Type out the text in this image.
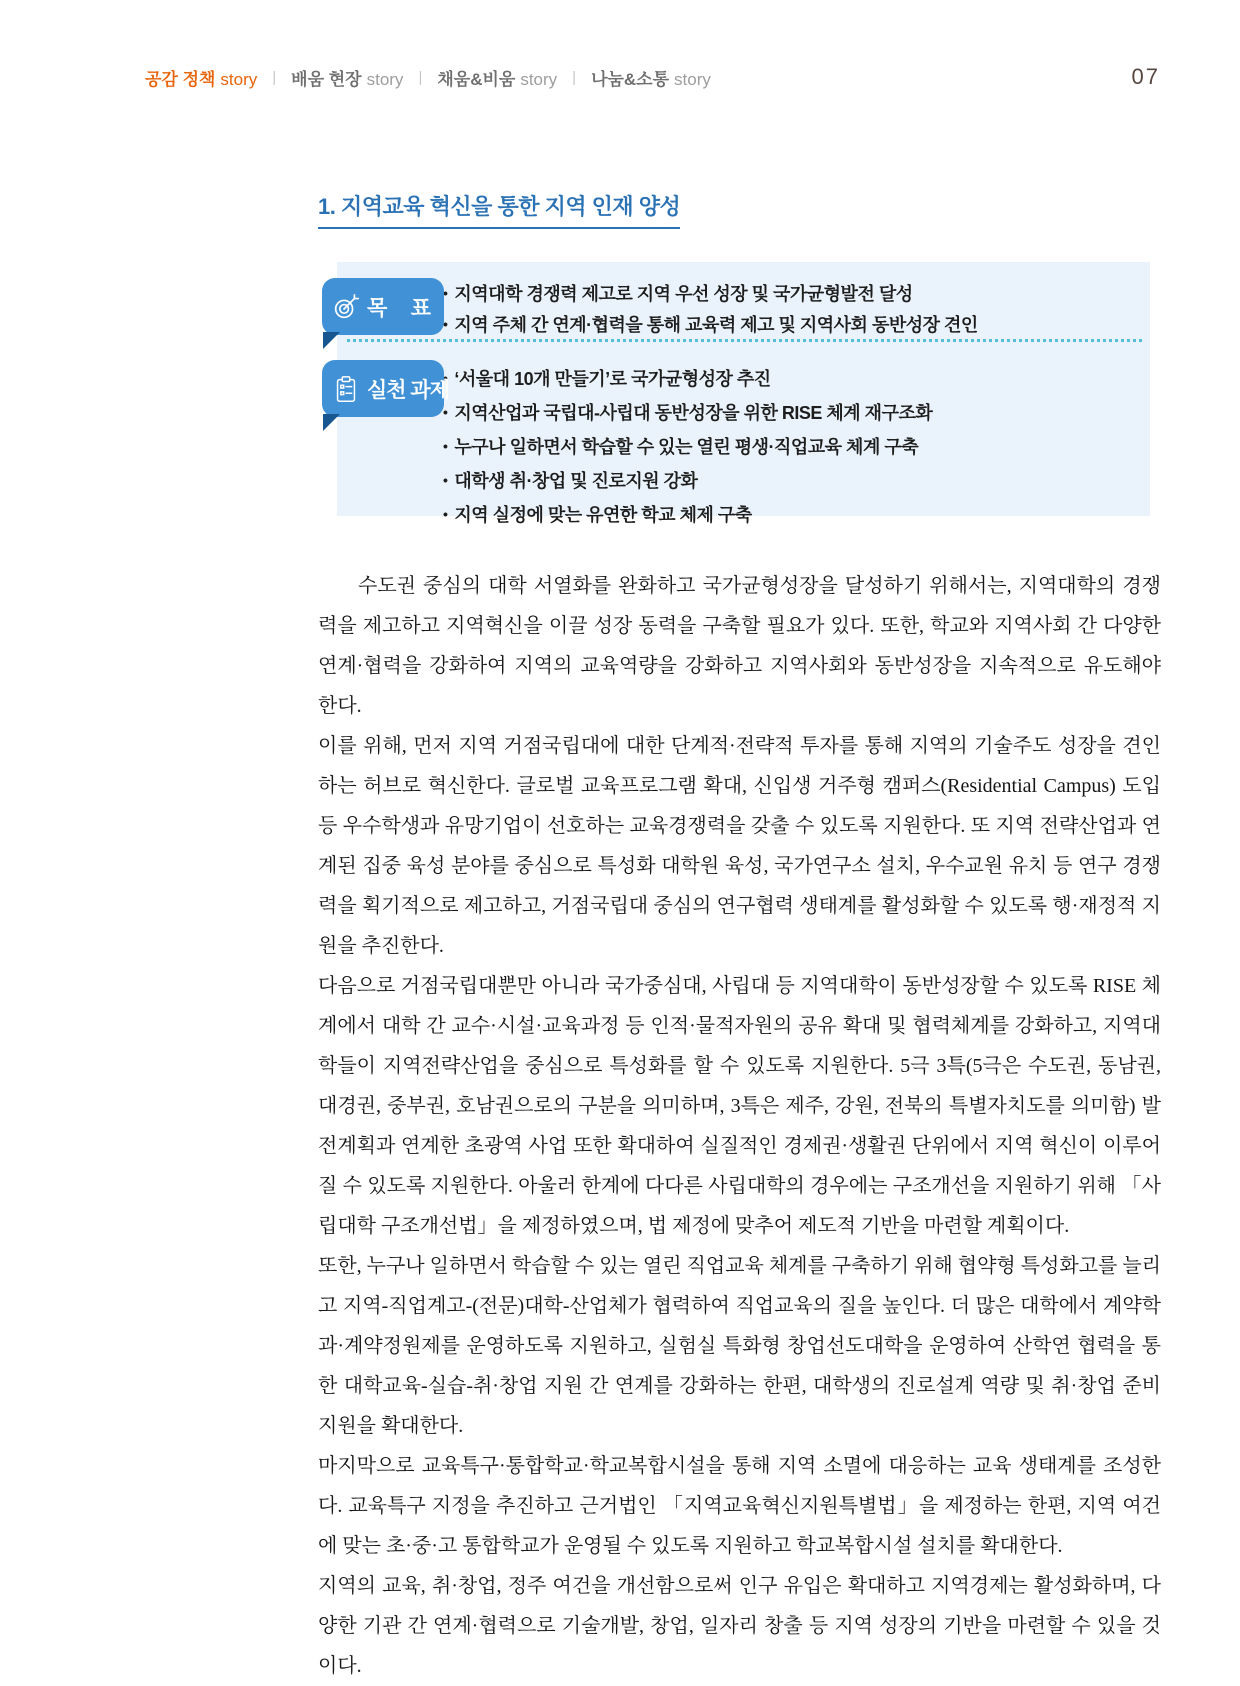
공감 정책 story | 배움 현장 story | 채움&비움 story | 나눔&소통 story	07
1. 지역교육 혁신을 통한 지역 인재 양성
목 표
• 지역대학 경쟁력 제고로 지역 우선 성장 및 국가균형발전 달성
• 지역 주체 간 연계·협력을 통해 교육력 제고 및 지역사회 동반성장 견인
실천 과제 • ‘서울대 10개 만들기’로 국가균형성장 추진
• 지역산업과 국립대-사립대 동반성장을 위한 RISE 체계 재구조화
• 누구나 일하면서 학습할 수 있는 열린 평생·직업교육 체계 구축
• 대학생 취·창업 및 진로지원 강화
• 지역 실정에 맞는 유연한 학교 체제 구축

수도권 중심의 대학 서열화를 완화하고 국가균형성장을 달성하기 위해서는, 지역대학의 경쟁력을 제고하고 지역혁신을 이끌 성장 동력을 구축할 필요가 있다. 또한, 학교와 지역사회 간 다양한 연계·협력을 강화하여 지역의 교육역량을 강화하고 지역사회와 동반성장을 지속적으로 유도해야 한다.

이를 위해, 먼저 지역 거점국립대에 대한 단계적·전략적 투자를 통해 지역의 기술주도 성장을 견인하는 허브로 혁신한다. 글로벌 교육프로그램 확대, 신입생 거주형 캠퍼스(Residential Campus) 도입 등 우수학생과 유망기업이 선호하는 교육경쟁력을 갖출 수 있도록 지원한다. 또 지역 전략산업과 연계된 집중 육성 분야를 중심으로 특성화 대학원 육성, 국가연구소 설치, 우수교원 유치 등 연구 경쟁력을 획기적으로 제고하고, 거점국립대 중심의 연구협력 생태계를 활성화할 수 있도록 행·재정적 지원을 추진한다.

다음으로 거점국립대뿐만 아니라 국가중심대, 사립대 등 지역대학이 동반성장할 수 있도록 RISE 체계에서 대학 간 교수·시설·교육과정 등 인적·물적자원의 공유 확대 및 협력체계를 강화하고, 지역대학들이 지역전략산업을 중심으로 특성화를 할 수 있도록 지원한다. 5극 3특(5극은 수도권, 동남권, 대경권, 중부권, 호남권으로의 구분을 의미하며, 3특은 제주, 강원, 전북의 특별자치도를 의미함) 발전계획과 연계한 초광역 사업 또한 확대하여 실질적인 경제권·생활권 단위에서 지역 혁신이 이루어질 수 있도록 지원한다. 아울러 한계에 다다른 사립대학의 경우에는 구조개선을 지원하기 위해 「사립대학 구조개선법」을 제정하였으며, 법 제정에 맞추어 제도적 기반을 마련할 계획이다.

또한, 누구나 일하면서 학습할 수 있는 열린 직업교육 체계를 구축하기 위해 협약형 특성화고를 늘리고 지역-직업계고-(전문)대학-산업체가 협력하여 직업교육의 질을 높인다. 더 많은 대학에서 계약학과·계약정원제를 운영하도록 지원하고, 실험실 특화형 창업선도대학을 운영하여 산학연 협력을 통한 대학교육-실습-취·창업 지원 간 연계를 강화하는 한편, 대학생의 진로설계 역량 및 취·창업 준비 지원을 확대한다.

마지막으로 교육특구·통합학교·학교복합시설을 통해 지역 소멸에 대응하는 교육 생태계를 조성한다. 교육특구 지정을 추진하고 근거법인 「지역교육혁신지원특별법」을 제정하는 한편, 지역 여건에 맞는 초·중·고 통합학교가 운영될 수 있도록 지원하고 학교복합시설 설치를 확대한다.

지역의 교육, 취·창업, 정주 여건을 개선함으로써 인구 유입은 확대하고 지역경제는 활성화하며, 다양한 기관 간 연계·협력으로 기술개발, 창업, 일자리 창출 등 지역 성장의 기반을 마련할 수 있을 것이다.
